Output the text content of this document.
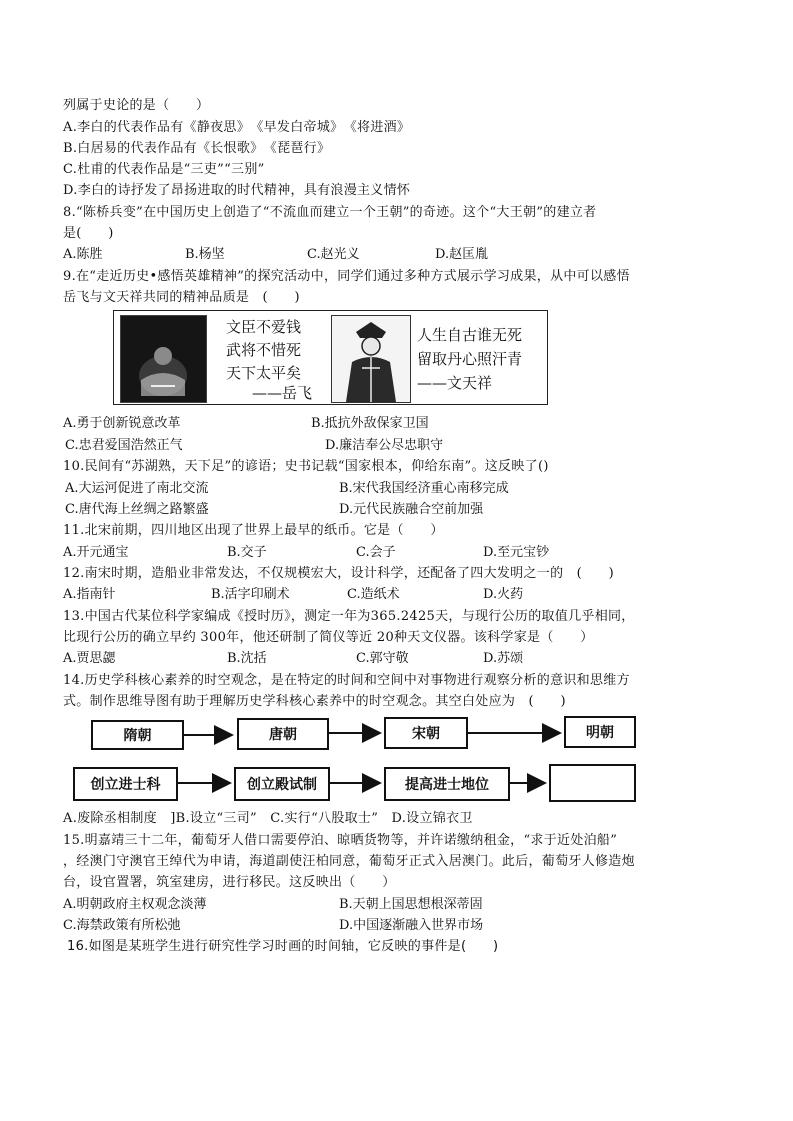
列属于史论的是（　　）
A.李白的代表作品有《静夜思》　《早发白帝城》　《将进酒》
B.白居易的代表作品有《长恨歌》　《琵琶行》
C.杜甫的代表作品是“三吏”“三别”
D.李白的诗抒发了昂扬进取的时代精神，具有浪漫主义情怀
8.“陈桥兵变”在中国历史上创造了“不流血而建立一个王朝”的奇迹。这个“大王朝”的建立者
是(　　)

A.陈胜

	B.杨坚

	C.赵光义

	D.赵匡胤

9.在“走近历史•感悟英雄精神”的探究活动中，同学们通过多种方式展示学习成果，从中可以感悟
岳飞与文天祥共同的精神品质是　(　　)
文臣不爱钱
武将不惜死
天下太平矣
——岳飞
人生自古谁无死
留取丹心照汗青
——文天祥

A.勇于创新锐意改革

	B.抵抗外敌保家卫国

C.忠君爱国浩然正气

	D.廉洁奉公尽忠职守

10.民间有“苏湖熟，天下足”的谚语；史书记载“国家根本，仰给东南”。这反映了()

A.大运河促进了南北交流

	B.宋代我国经济重心南移完成

C.唐代海上丝绸之路繁盛

	D.元代民族融合空前加强

11.北宋前期，四川地区出现了世界上最早的纸币。它是（　　）

A.开元通宝

	B.交子

	C.会子

	D.至元宝钞

12.南宋时期，造船业非常发达，不仅规模宏大，设计科学，还配备了四大发明之一的　(　　)

A.指南针

	B.活字印刷术

	C.造纸术

	D.火药

13.中国古代某位科学家编成《授时历》，测定一年为365.2425天，与现行公历的取值几乎相同，
比现行公历的确立早约 300年，他还研制了简仪等近 20种天文仪器。该科学家是（　　）

A.贾思勰

	B.沈括

	C.郭守敬

	D.苏颂

14.历史学科核心素养的时空观念，是在特定的时间和空间中对事物进行观察分析的意识和思维方
式。制作思维导图有助于理解历史学科核心素养中的时空观念。其空白处应为　(　　)
隋朝	唐朝	宋朝	明朝
创立进士科	创立殿试制	提高进士地位
A.废除丞相制度　]B.设立“三司”　C.实行“八股取士”　D.设立锦衣卫
15.明嘉靖三十二年，葡萄牙人借口需要停泊、晾晒货物等，并许诺缴纳租金，“求于近处泊船”
，经澳门守澳官王绰代为申请，海道副使汪柏同意，葡萄牙正式入居澳门。此后，葡萄牙人修造炮
台，设官置署，筑室建房，进行移民。这反映出（　　）

A.明朝政府主权观念淡薄

	B.天朝上国思想根深蒂固

C.海禁政策有所松弛

	D.中国逐渐融入世界市场

16.如图是某班学生进行研究性学习时画的时间轴，它反映的事件是(　　)
